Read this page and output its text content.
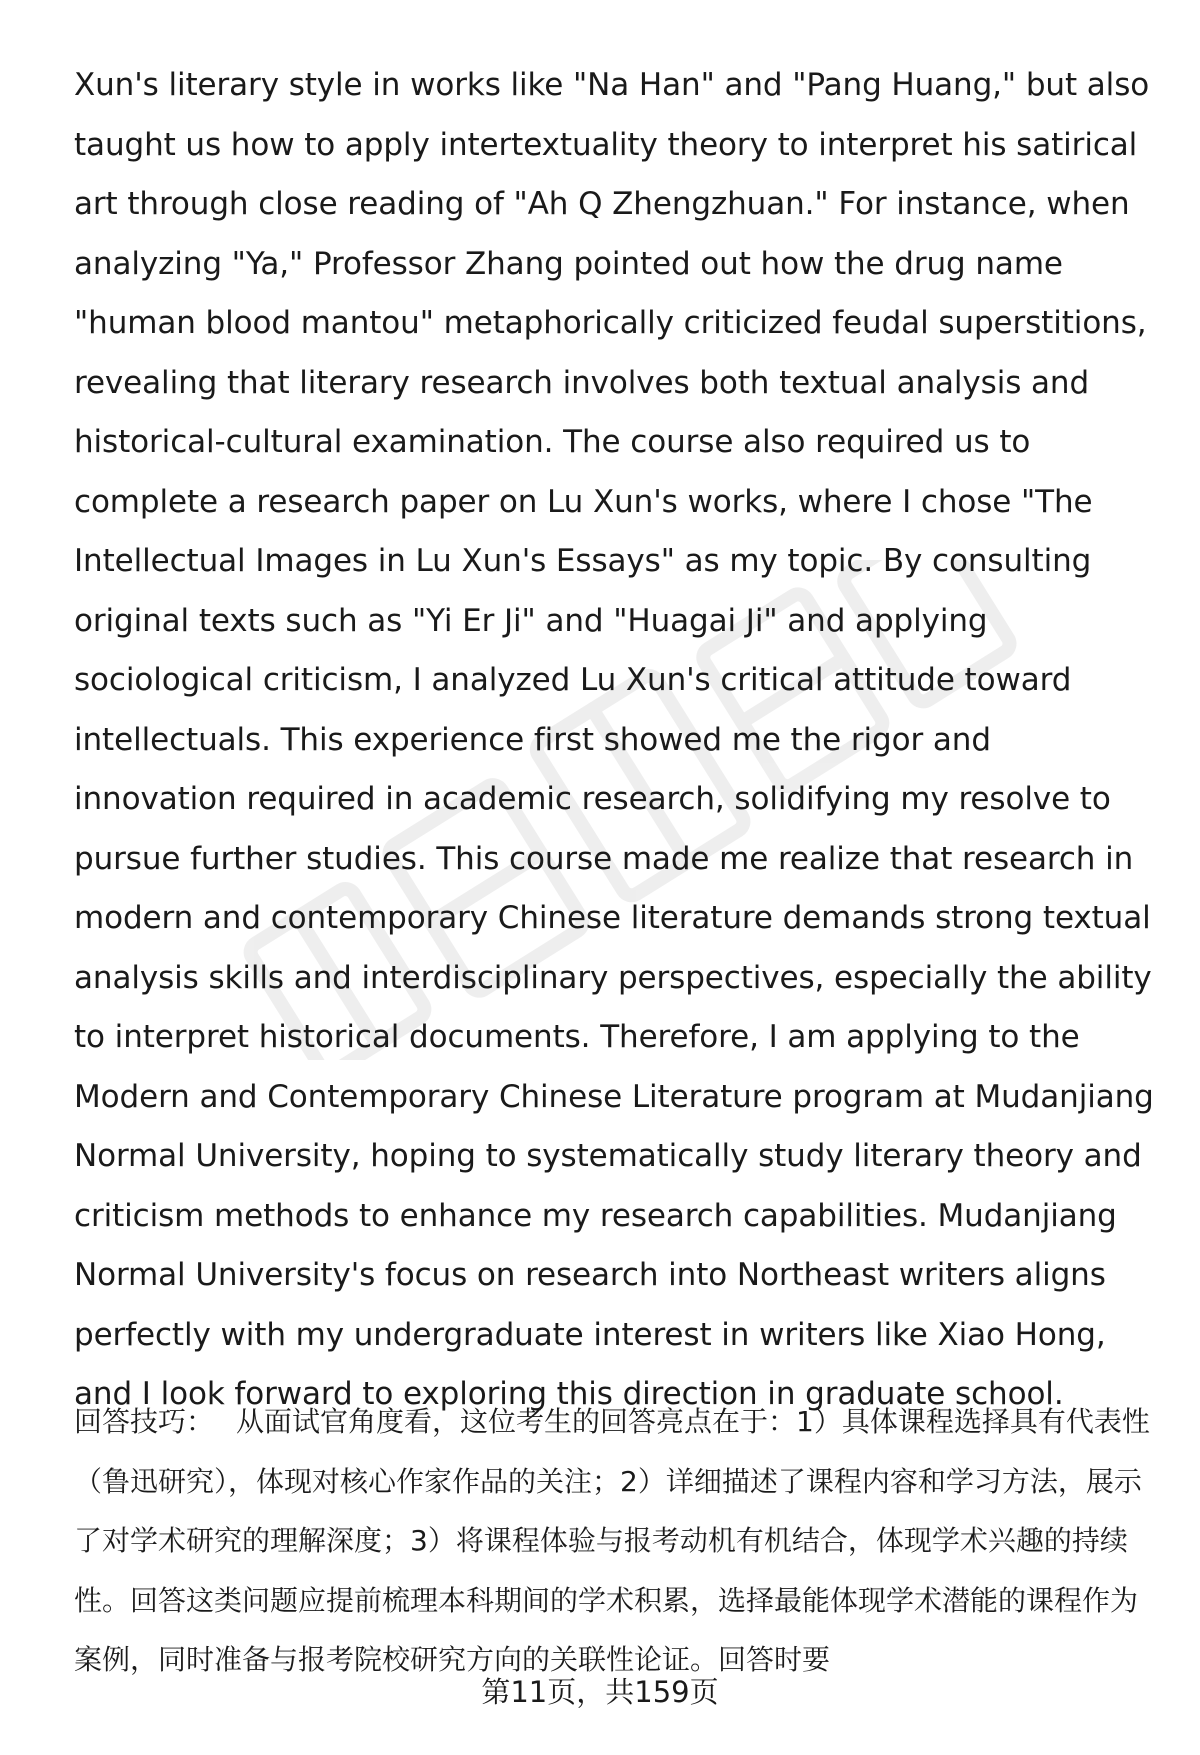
Xun's literary style in works like "Na Han" and "Pang Huang," but also taught us how to apply intertextuality theory to interpret his satirical art through close reading of "Ah Q Zhengzhuan." For instance, when analyzing "Ya," Professor Zhang pointed out how the drug name "human blood mantou" metaphorically criticized feudal superstitions, revealing that literary research involves both textual analysis and historical-cultural examination. The course also required us to complete a research paper on Lu Xun's works, where I chose "The Intellectual Images in Lu Xun's Essays" as my topic. By consulting original texts such as "Yi Er Ji" and "Huagai Ji" and applying sociological criticism, I analyzed Lu Xun's critical attitude toward intellectuals. This experience first showed me the rigor and innovation required in academic research, solidifying my resolve to pursue further studies. This course made me realize that research in modern and contemporary Chinese literature demands strong textual analysis skills and interdisciplinary perspectives, especially the ability to interpret historical documents. Therefore, I am applying to the Modern and Contemporary Chinese Literature program at Mudanjiang Normal University, hoping to systematically study literary theory and criticism methods to enhance my research capabilities. Mudanjiang Normal University's focus on research into Northeast writers aligns perfectly with my undergraduate interest in writers like Xiao Hong, and I look forward to exploring this direction in graduate school.

回答技巧： 从面试官角度看，这位考生的回答亮点在于：1）具体课程选择具有代表性（鲁迅研究），体现对核心作家作品的关注；2）详细描述了课程内容和学习方法，展示了对学术研究的理解深度；3）将课程体验与报考动机有机结合，体现学术兴趣的持续性。回答这类问题应提前梳理本科期间的学术积累，选择最能体现学术潜能的课程作为案例，同时准备与报考院校研究方向的关联性论证。回答时要

第11页，共159页
